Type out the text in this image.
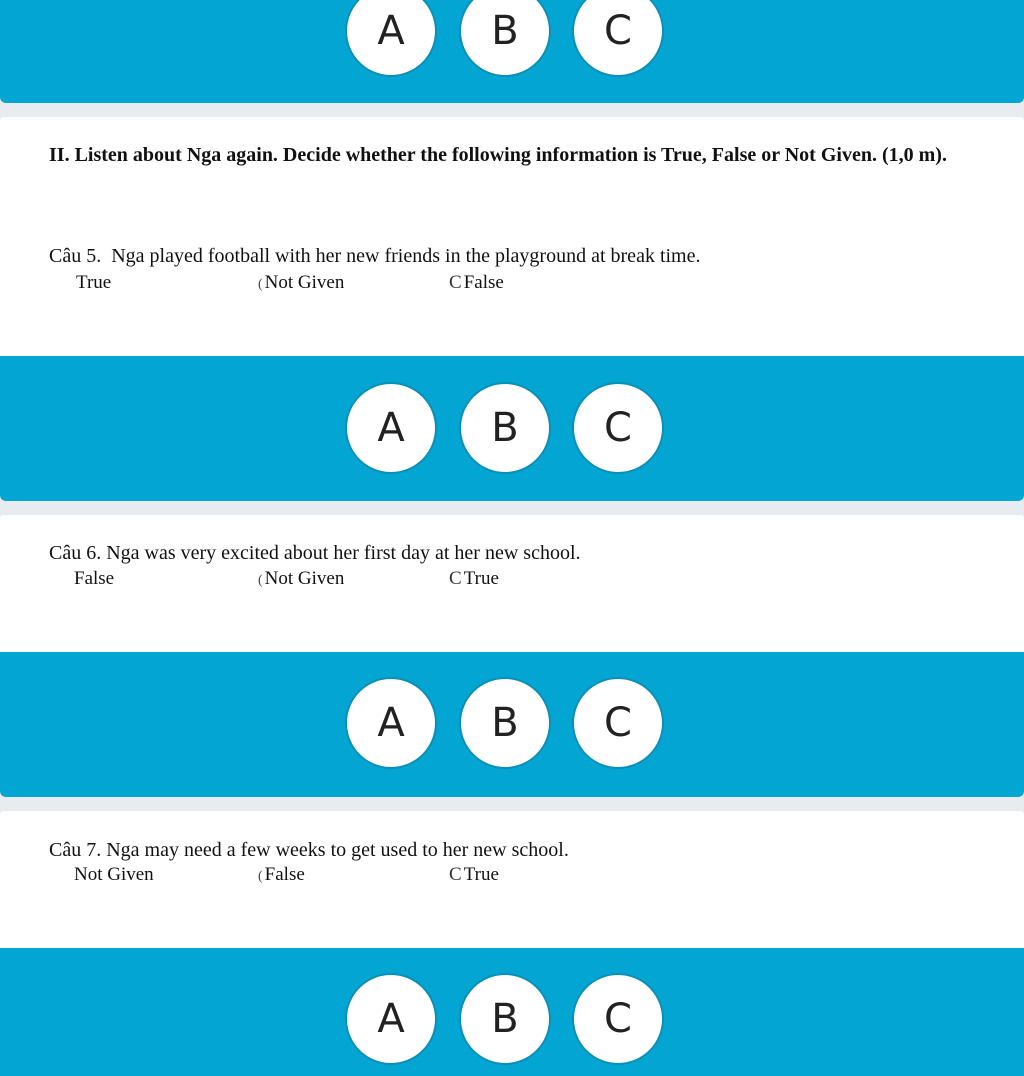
A	B	C
II. Listen about Nga again. Decide whether the following information is True, False or Not Given. (1,0 m).
Câu 5. Nga played football with her new friends in the playground at break time.
True	( Not Given	C False
A	B	C
Câu 6. Nga was very excited about her first day at her new school.
False	( Not Given	C True
A	B	C
Câu 7. Nga may need a few weeks to get used to her new school.
Not Given	( False	C True
A	B	C
